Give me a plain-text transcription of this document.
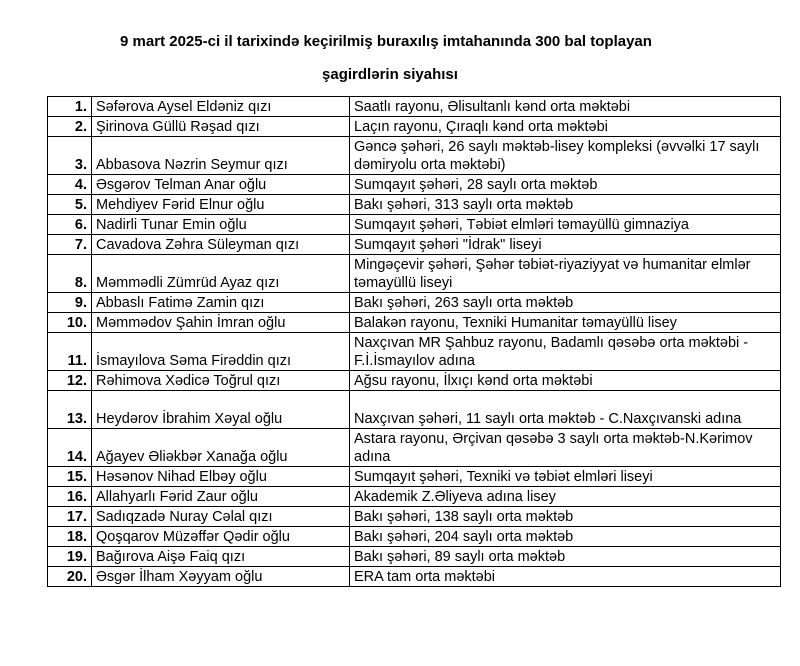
9 mart 2025-ci il tarixində keçirilmiş buraxılış imtahanında 300 bal toplayan
şagirdlərin siyahısı
1.	Səfərova Aysel Eldəniz qızı	Saatlı rayonu, Əlisultanlı kənd orta məktəbi
2.	Şirinova Güllü Rəşad qızı	Laçın rayonu, Çıraqlı kənd orta məktəbi
3.	Abbasova Nəzrin Seymur qızı	Gəncə şəhəri, 26 saylı məktəb-lisey kompleksi (əvvəlki 17 saylı dəmiryolu orta məktəbi)
4.	Əsgərov Telman Anar oğlu	Sumqayıt şəhəri, 28 saylı orta məktəb
5.	Mehdiyev Fərid Elnur oğlu	Bakı şəhəri, 313 saylı orta məktəb
6.	Nadirli Tunar Emin oğlu	Sumqayıt şəhəri, Təbiət elmləri təmayüllü gimnaziya
7.	Cavadova Zəhra Süleyman qızı	Sumqayıt şəhəri "İdrak" liseyi
8.	Məmmədli Zümrüd Ayaz qızı	Mingəçevir şəhəri, Şəhər təbiət-riyaziyyat və humanitar elmlər təmayüllü liseyi
9.	Abbaslı Fatimə Zamin qızı	Bakı şəhəri, 263 saylı orta məktəb
10.	Məmmədov Şahin İmran oğlu	Balakən rayonu, Texniki Humanitar təmayüllü lisey
11.	İsmayılova Səma Firəddin qızı	Naxçıvan MR Şahbuz rayonu, Badamlı qəsəbə orta məktəbi - F.İ.İsmayılov adına
12.	Rəhimova Xədicə Toğrul qızı	Ağsu rayonu, İlxıçı kənd orta məktəbi
13.	Heydərov İbrahim Xəyal oğlu	Naxçıvan şəhəri, 11 saylı orta məktəb - C.Naxçıvanski adına
14.	Ağayev Əliəkbər Xanağa oğlu	Astara rayonu, Ərçivan qəsəbə 3 saylı orta məktəb-N.Kərimov adına
15.	Həsənov Nihad Elbəy oğlu	Sumqayıt şəhəri, Texniki və təbiət elmləri liseyi
16.	Allahyarlı Fərid Zaur oğlu	Akademik Z.Əliyeva adına lisey
17.	Sadıqzadə Nuray Cəlal qızı	Bakı şəhəri, 138 saylı orta məktəb
18.	Qoşqarov Müzəffər Qədir oğlu	Bakı şəhəri, 204 saylı orta məktəb
19.	Bağırova Aişə Faiq qızı	Bakı şəhəri, 89 saylı orta məktəb
20.	Əsgər İlham Xəyyam oğlu	ERA tam orta məktəbi
